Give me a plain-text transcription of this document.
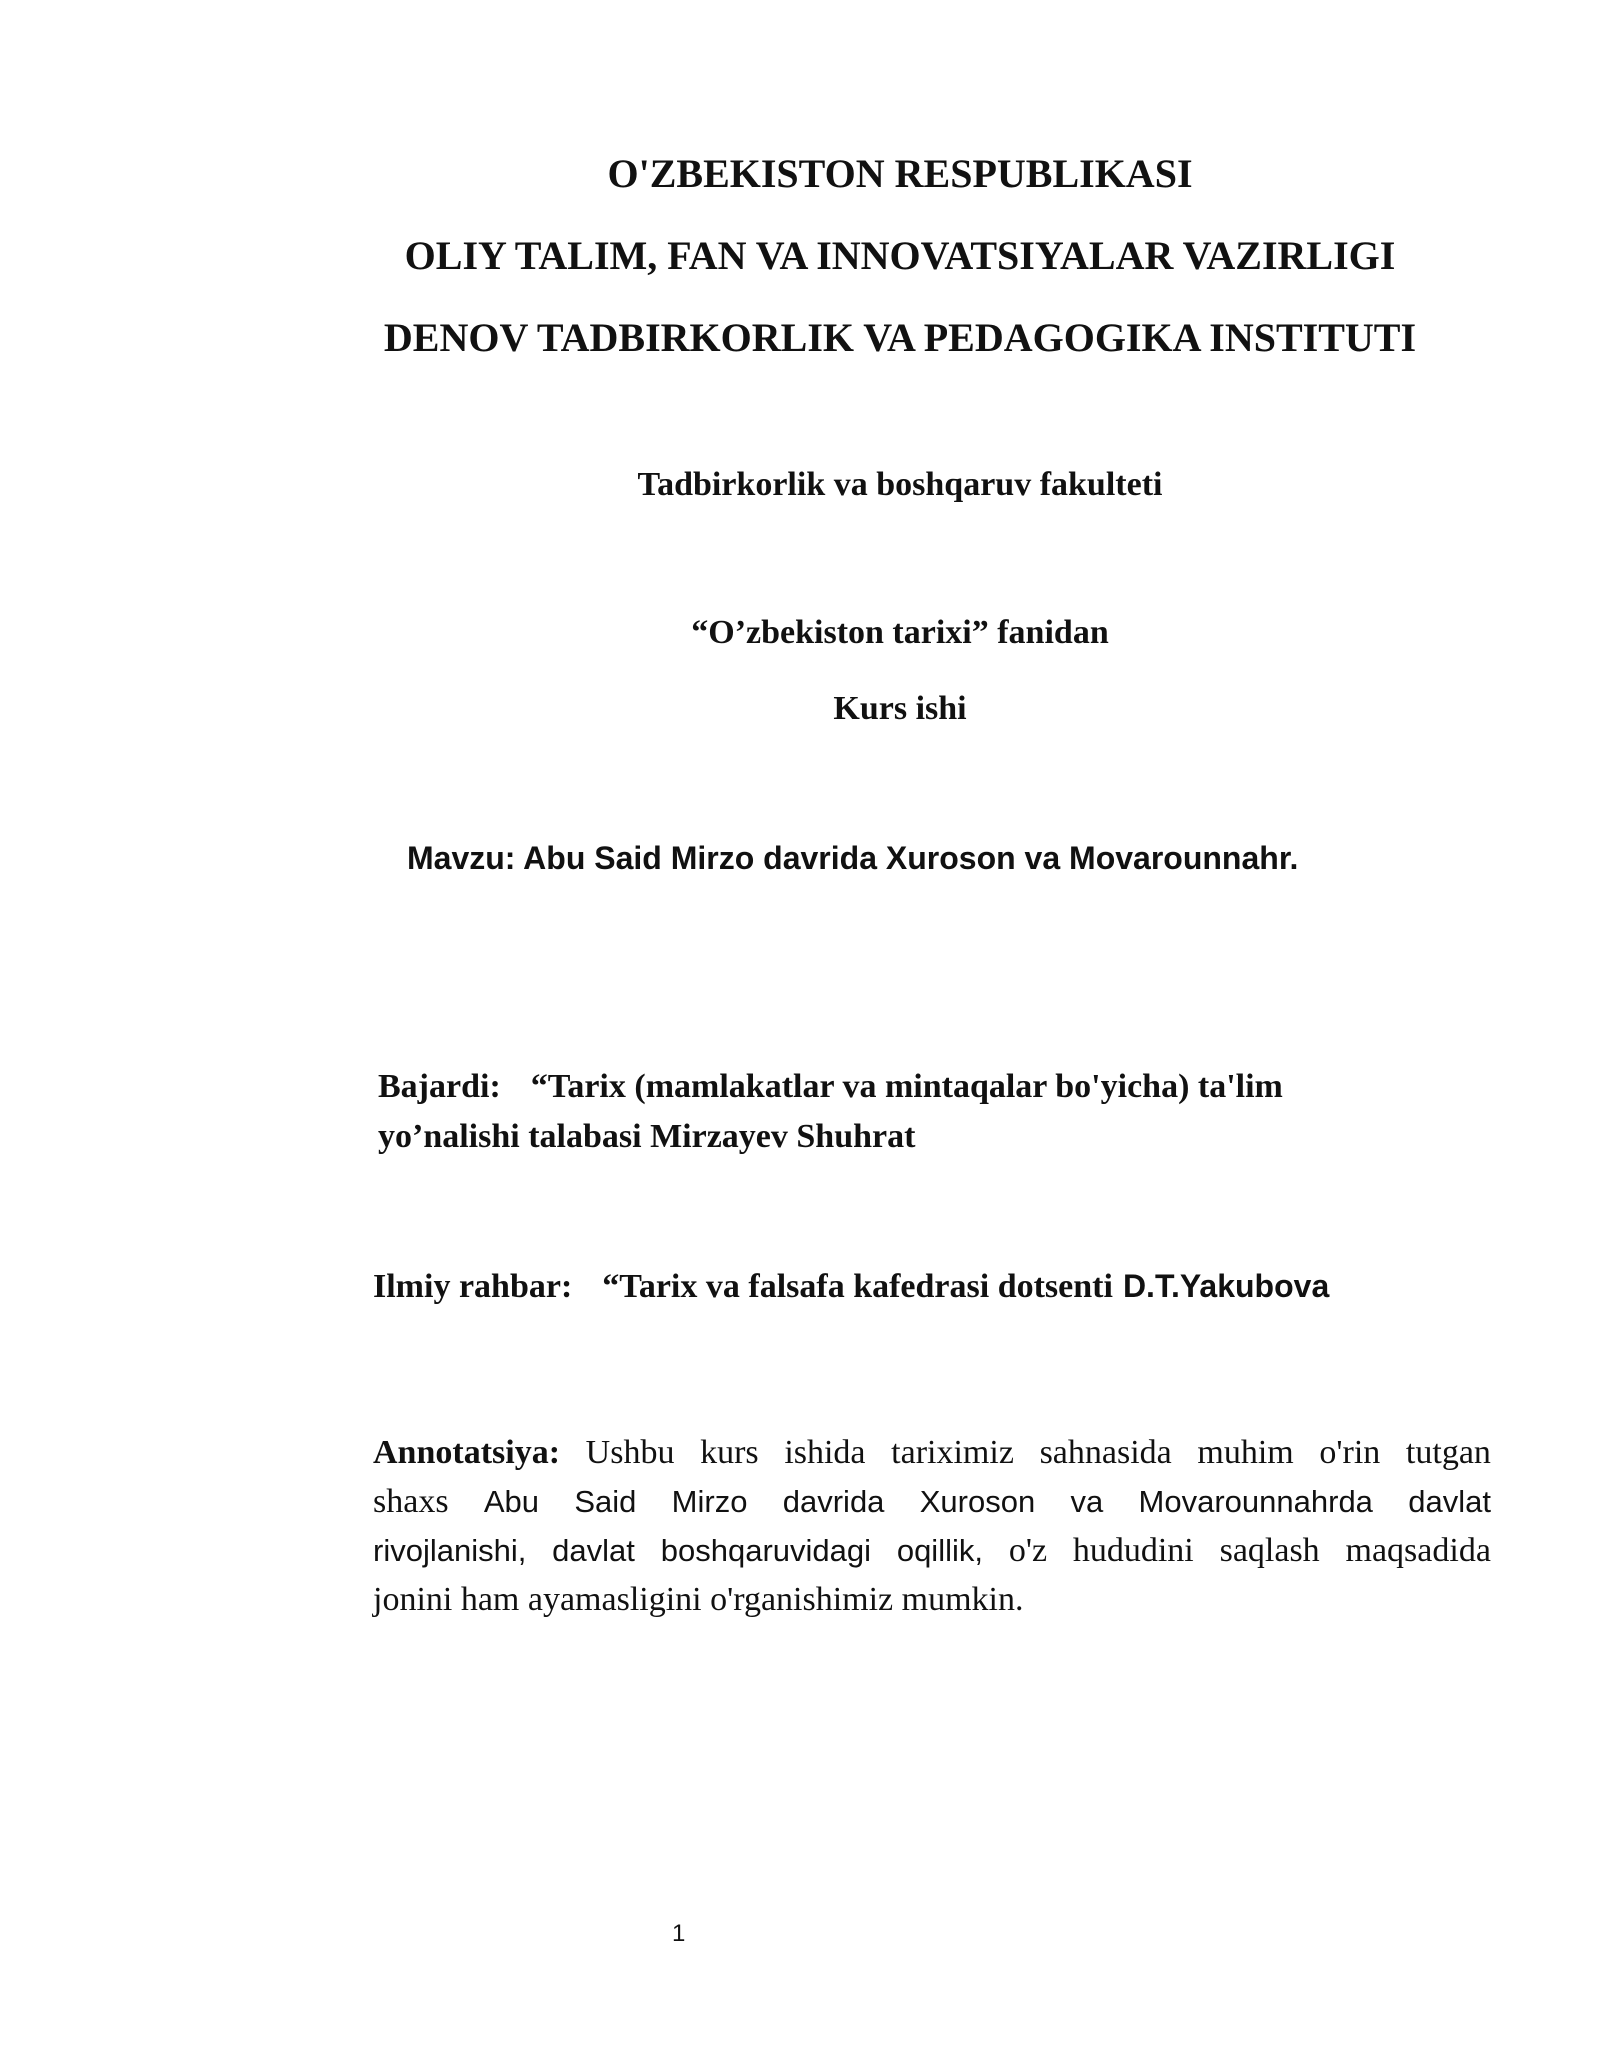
O'ZBEKISTON RESPUBLIKASI
OLIY TALIM, FAN VA INNOVATSIYALAR VAZIRLIGI
DENOV TADBIRKORLIK VA PEDAGOGIKA INSTITUTI
Tadbirkorlik va boshqaruv fakulteti
“O’zbekiston tarixi” fanidan
Kurs ishi
Mavzu: Abu Said Mirzo davrida Xuroson va Movarounnahr.
Bajardi: “Tarix (mamlakatlar va mintaqalar bo'yicha) ta'lim
yo’nalishi talabasi Mirzayev Shuhrat
Ilmiy rahbar: “Tarix va falsafa kafedrasi dotsenti D.T.Yakubova
Annotatsiya: Ushbu kurs ishida tariximiz sahnasida muhim o'rin tutgan
shaxs Abu Said Mirzo davrida Xuroson va Movarounnahrda davlat
rivojlanishi, davlat boshqaruvidagi oqillik, o'z hududini saqlash maqsadida
jonini ham ayamasligini o'rganishimiz mumkin.
1
